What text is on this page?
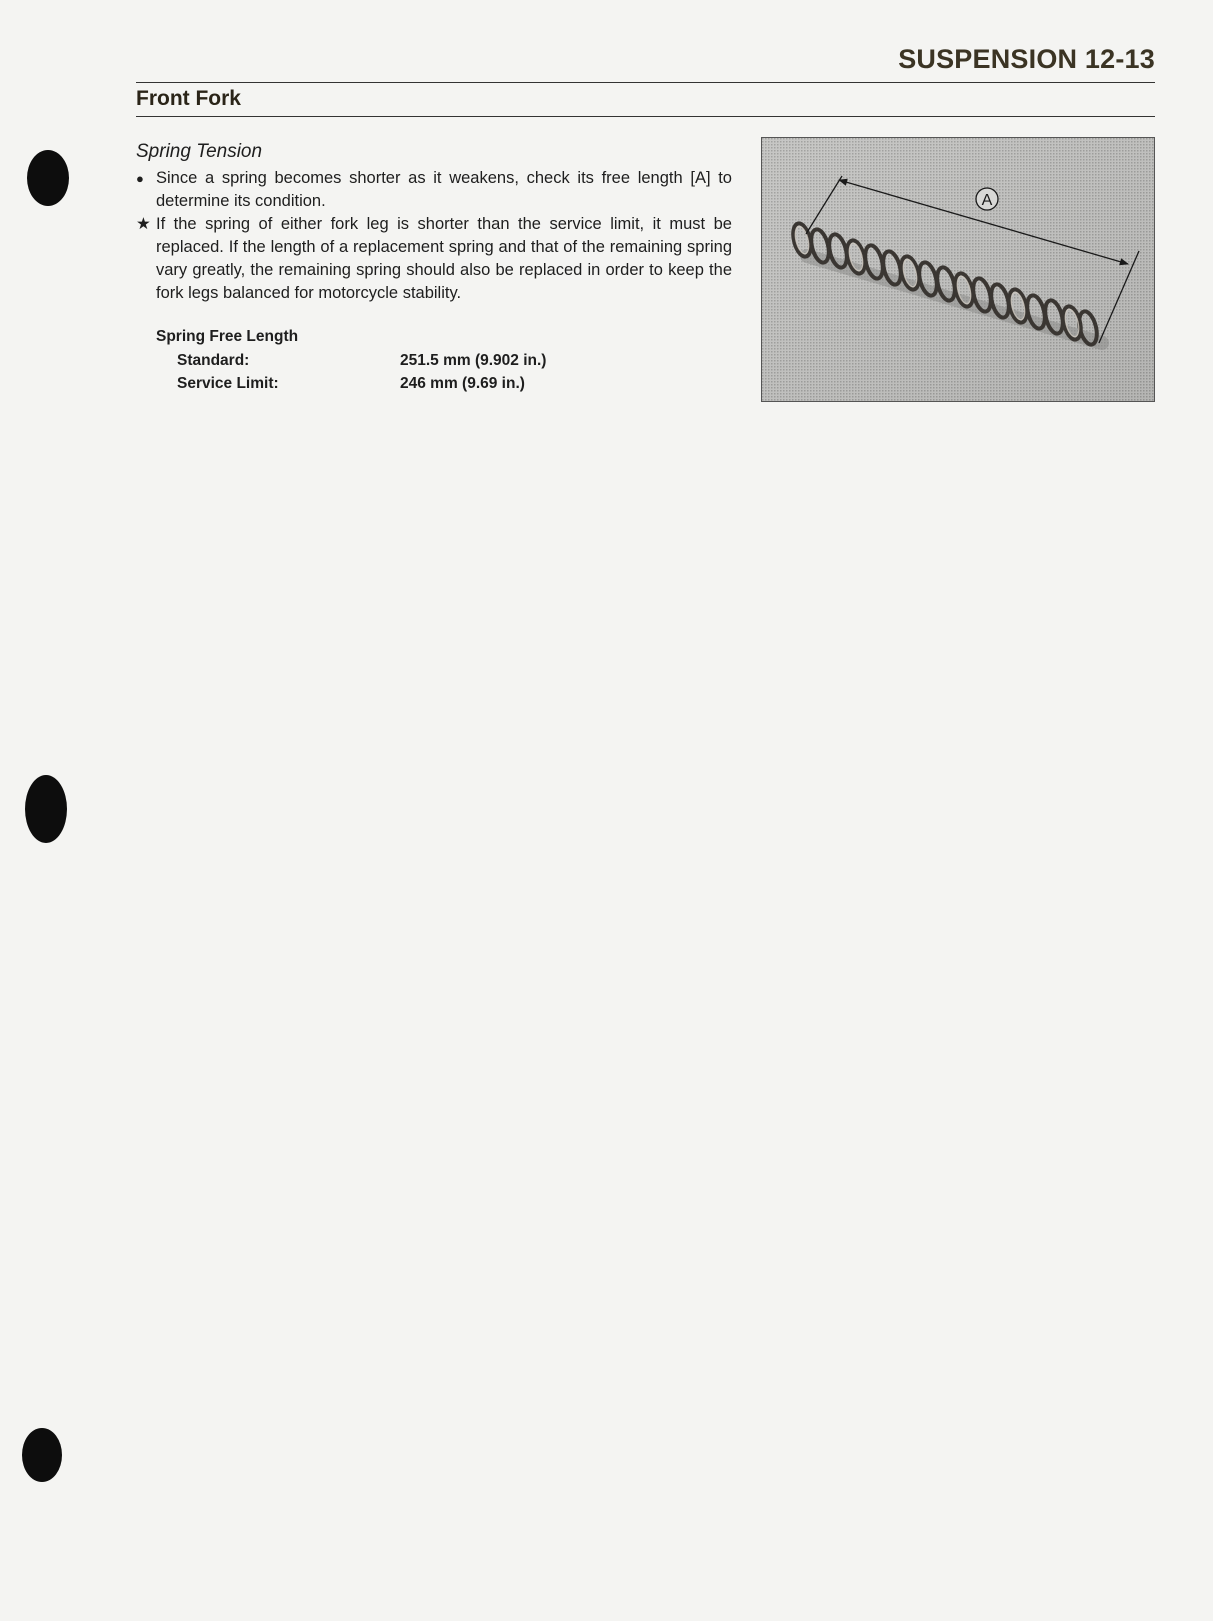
SUSPENSION 12-13
Front Fork
Spring Tension
● Since a spring becomes shorter as it weakens, check its free length [A] to determine its condition.

★ If the spring of either fork leg is shorter than the service limit, it must be replaced. If the length of a replacement spring and that of the remaining spring vary greatly, the remaining spring should also be replaced in order to keep the fork legs balanced for motorcycle stability.

Spring Free Length
Standard:	251.5 mm (9.902 in.)
Service Limit:	246 mm (9.69 in.)
A
